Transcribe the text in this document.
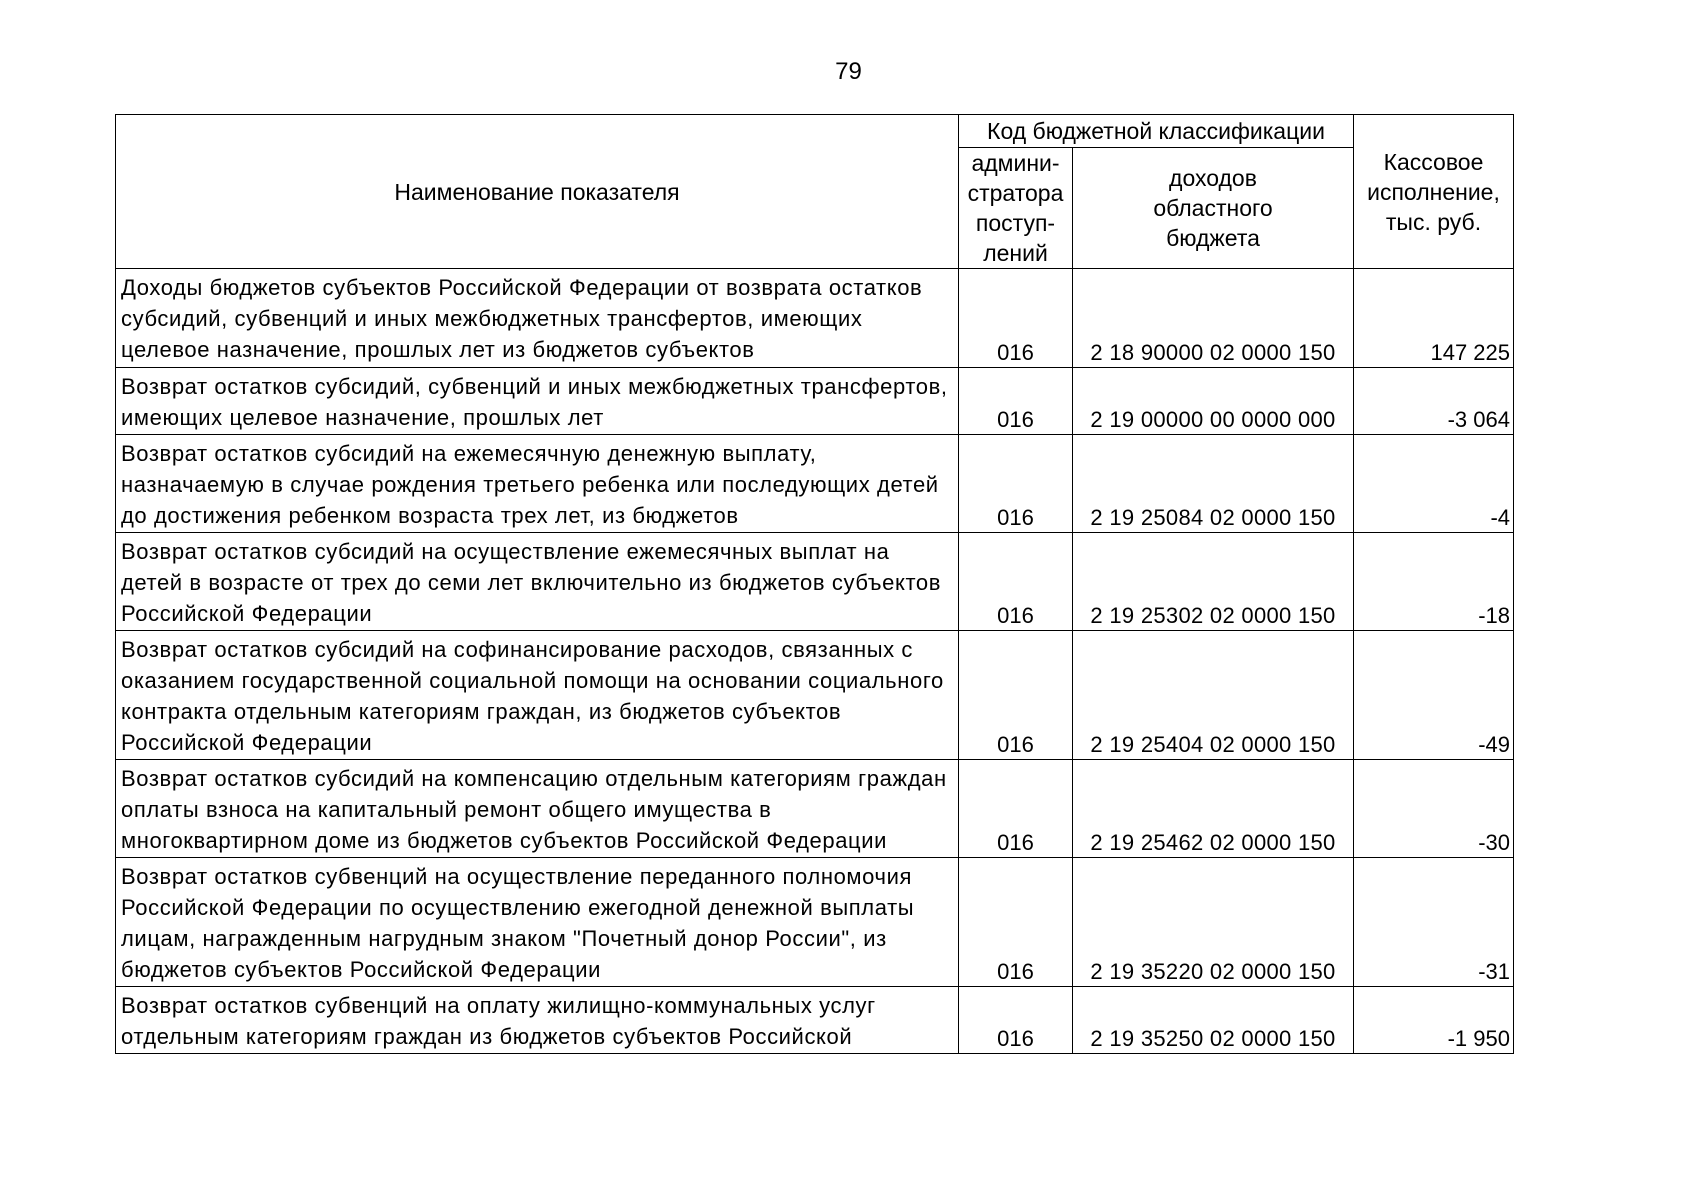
79
Наименование показателя	Код бюджетной классификации		Кассовое исполнение, тыс. руб.
	админи-стратора поступ-лений	доходов областного бюджета	
Доходы бюджетов субъектов Российской Федерации от возврата остатков субсидий, субвенций и иных межбюджетных трансфертов, имеющих целевое назначение, прошлых лет из бюджетов субъектов	016	2 18 90000 02 0000 150	147 225
Возврат остатков субсидий, субвенций и иных межбюджетных трансфертов, имеющих целевое назначение, прошлых лет	016	2 19 00000 00 0000 000	-3 064
Возврат остатков субсидий на ежемесячную денежную выплату, назначаемую в случае рождения третьего ребенка или последующих детей до достижения ребенком возраста трех лет, из бюджетов	016	2 19 25084 02 0000 150	-4
Возврат остатков субсидий на осуществление ежемесячных выплат на детей в возрасте от трех до семи лет включительно из бюджетов субъектов Российской Федерации	016	2 19 25302 02 0000 150	-18
Возврат остатков субсидий на софинансирование расходов, связанных с оказанием государственной социальной помощи на основании социального контракта отдельным категориям граждан, из бюджетов субъектов Российской Федерации	016	2 19 25404 02 0000 150	-49
Возврат остатков субсидий на компенсацию отдельным категориям граждан оплаты взноса на капитальный ремонт общего имущества в многоквартирном доме из бюджетов субъектов Российской Федерации	016	2 19 25462 02 0000 150	-30
Возврат остатков субвенций на осуществление переданного полномочия Российской Федерации по осуществлению ежегодной денежной выплаты лицам, награжденным нагрудным знаком "Почетный донор России", из бюджетов субъектов Российской Федерации	016	2 19 35220 02 0000 150	-31
Возврат остатков субвенций на оплату жилищно-коммунальных услуг отдельным категориям граждан из бюджетов субъектов Российской	016	2 19 35250 02 0000 150	-1 950
